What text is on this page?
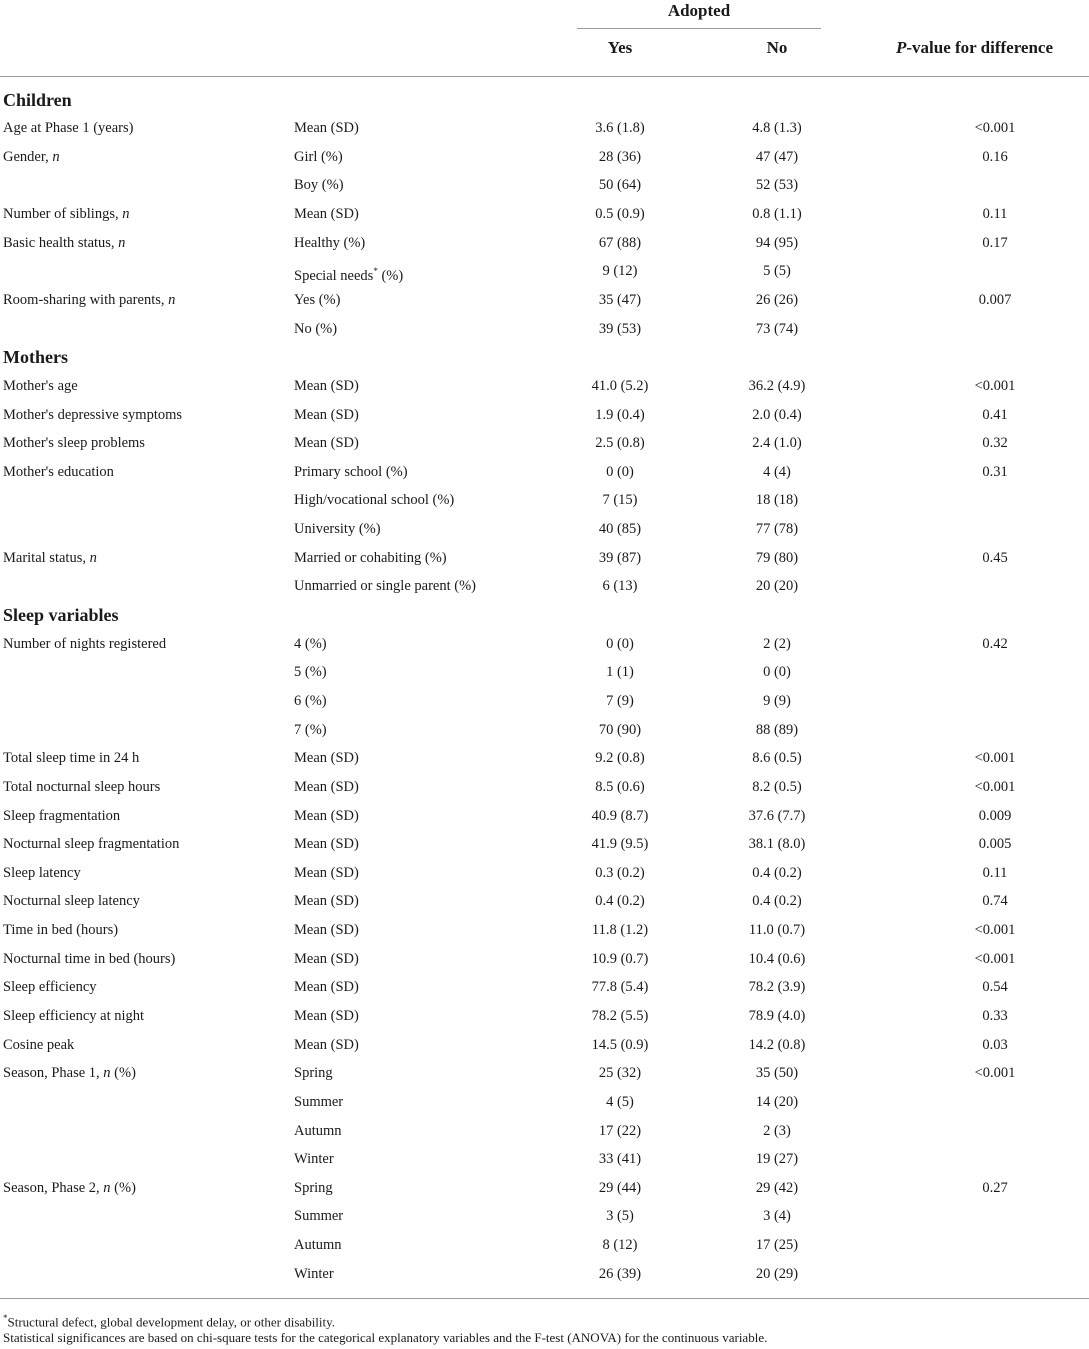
Adopted
Yes	No	P-value for difference
Children
Age at Phase 1 (years)	Mean (SD)	3.6 (1.8)	4.8 (1.3)	<0.001
Gender, n	Girl (%)	28 (36)	47 (47)	0.16
Boy (%)	50 (64)	52 (53)
Number of siblings, n	Mean (SD)	0.5 (0.9)	0.8 (1.1)	0.11
Basic health status, n	Healthy (%)	67 (88)	94 (95)	0.17
Special needs* (%)	9 (12)	5 (5)
Room-sharing with parents, n	Yes (%)	35 (47)	26 (26)	0.007
No (%)	39 (53)	73 (74)
Mothers
Mother's age	Mean (SD)	41.0 (5.2)	36.2 (4.9)	<0.001
Mother's depressive symptoms	Mean (SD)	1.9 (0.4)	2.0 (0.4)	0.41
Mother's sleep problems	Mean (SD)	2.5 (0.8)	2.4 (1.0)	0.32
Mother's education	Primary school (%)	0 (0)	4 (4)	0.31
High/vocational school (%)	7 (15)	18 (18)
University (%)	40 (85)	77 (78)
Marital status, n	Married or cohabiting (%)	39 (87)	79 (80)	0.45
Unmarried or single parent (%)	6 (13)	20 (20)
Sleep variables
Number of nights registered	4 (%)	0 (0)	2 (2)	0.42
5 (%)	1 (1)	0 (0)
6 (%)	7 (9)	9 (9)
7 (%)	70 (90)	88 (89)
Total sleep time in 24 h	Mean (SD)	9.2 (0.8)	8.6 (0.5)	<0.001
Total nocturnal sleep hours	Mean (SD)	8.5 (0.6)	8.2 (0.5)	<0.001
Sleep fragmentation	Mean (SD)	40.9 (8.7)	37.6 (7.7)	0.009
Nocturnal sleep fragmentation	Mean (SD)	41.9 (9.5)	38.1 (8.0)	0.005
Sleep latency	Mean (SD)	0.3 (0.2)	0.4 (0.2)	0.11
Nocturnal sleep latency	Mean (SD)	0.4 (0.2)	0.4 (0.2)	0.74
Time in bed (hours)	Mean (SD)	11.8 (1.2)	11.0 (0.7)	<0.001
Nocturnal time in bed (hours)	Mean (SD)	10.9 (0.7)	10.4 (0.6)	<0.001
Sleep efficiency	Mean (SD)	77.8 (5.4)	78.2 (3.9)	0.54
Sleep efficiency at night	Mean (SD)	78.2 (5.5)	78.9 (4.0)	0.33
Cosine peak	Mean (SD)	14.5 (0.9)	14.2 (0.8)	0.03
Season, Phase 1, n (%)	Spring	25 (32)	35 (50)	<0.001
Summer	4 (5)	14 (20)
Autumn	17 (22)	2 (3)
Winter	33 (41)	19 (27)
Season, Phase 2, n (%)	Spring	29 (44)	29 (42)	0.27
Summer	3 (5)	3 (4)
Autumn	8 (12)	17 (25)
Winter	26 (39)	20 (29)
*Structural defect, global development delay, or other disability.
Statistical significances are based on chi-square tests for the categorical explanatory variables and the F-test (ANOVA) for the continuous variable.
